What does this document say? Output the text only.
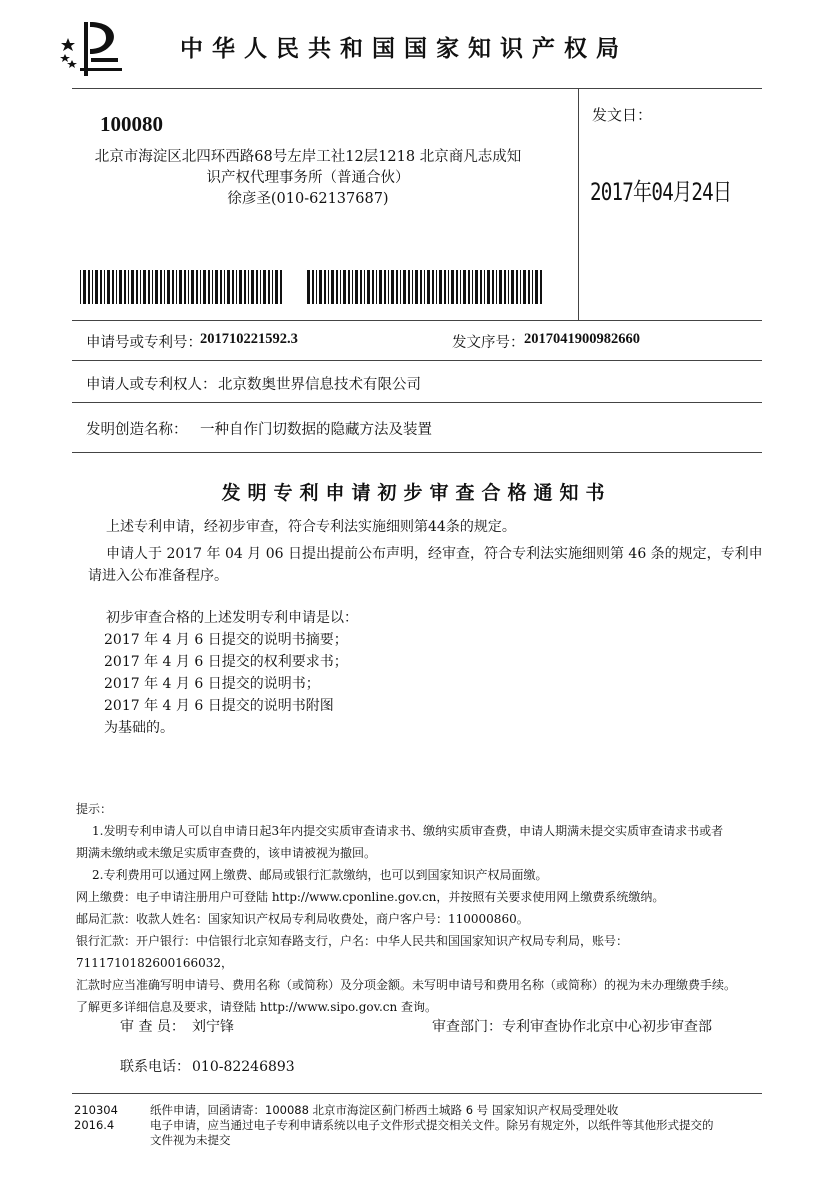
中华人民共和国国家知识产权局
100080
北京市海淀区北四环西路68号左岸工社12层1218 北京商凡志成知
识产权代理事务所（普通合伙）
徐彦圣(010-62137687)
发文日：
2017年04月24日
申请号或专利号：
201710221592.3	发文序号： 2017041900982660
申请人或专利权人： 北京数奥世界信息技术有限公司
发明创造名称： 一种自作门切数据的隐藏方法及装置
发明专利申请初步审查合格通知书
上述专利申请，经初步审查，符合专利法实施细则第44条的规定。
申请人于 2017 年 04 月 06 日提出提前公布声明，经审查，符合专利法实施细则第 46 条的规定，专利申
请进入公布准备程序。
初步审查合格的上述发明专利申请是以：
2017 年 4 月 6 日提交的说明书摘要；
2017 年 4 月 6 日提交的权利要求书；
2017 年 4 月 6 日提交的说明书；
2017 年 4 月 6 日提交的说明书附图
为基础的。

提示：

1.发明专利申请人可以自申请日起3年内提交实质审查请求书、缴纳实质审查费，申请人期满未提交实质审查请求书或者

期满未缴纳或未缴足实质审查费的，该申请被视为撤回。

2.专利费用可以通过网上缴费、邮局或银行汇款缴纳，也可以到国家知识产权局面缴。

网上缴费：电子申请注册用户可登陆 http://www.cponline.gov.cn，并按照有关要求使用网上缴费系统缴纳。

邮局汇款：收款人姓名：国家知识产权局专利局收费处，商户客户号：110000860。

银行汇款：开户银行：中信银行北京知春路支行，户名：中华人民共和国国家知识产权局专利局，账号：7111710182600166032，

汇款时应当准确写明申请号、费用名称（或简称）及分项金额。未写明申请号和费用名称（或简称）的视为未办理缴费手续。

了解更多详细信息及要求，请登陆 http://www.sipo.gov.cn 查询。

审 查 员： 刘宁锋	审查部门： 专利审查协作北京中心初步审查部
联系电话： 010-82246893
210304
2016.4
纸件申请，回函请寄：100088 北京市海淀区蓟门桥西土城路 6 号 国家知识产权局受理处收
电子申请，应当通过电子专利申请系统以电子文件形式提交相关文件。除另有规定外，以纸件等其他形式提交的
文件视为未提交
